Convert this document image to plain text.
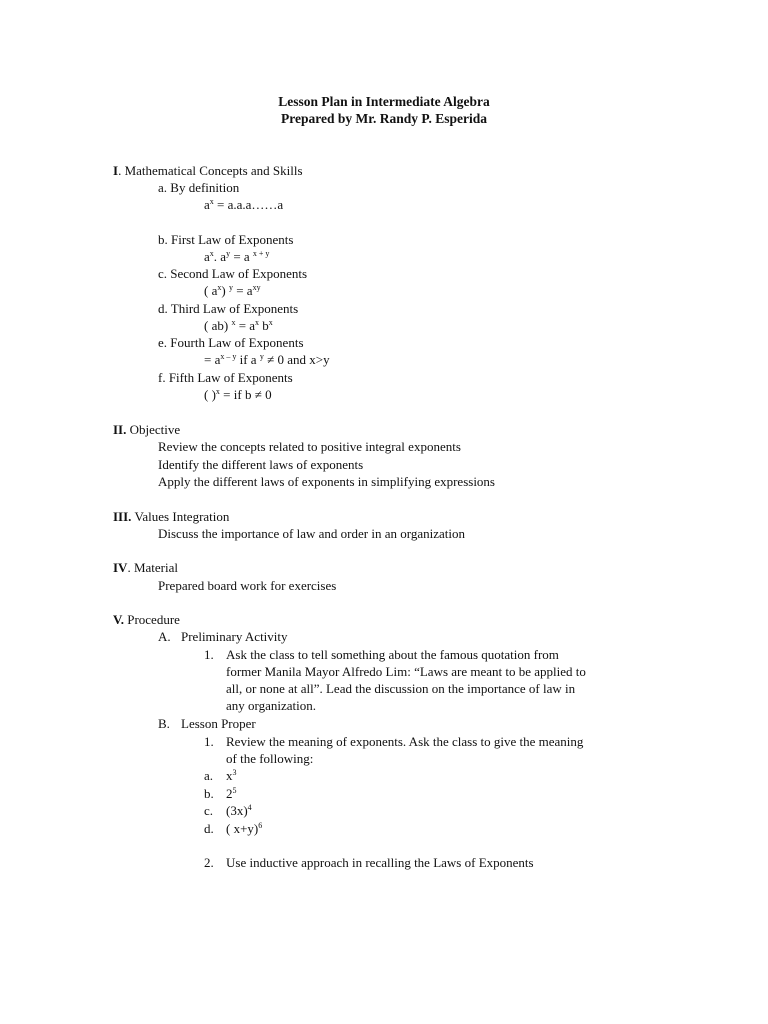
Lesson Plan in Intermediate Algebra
Prepared by Mr. Randy P. Esperida
I. Mathematical Concepts and Skills
a. By definition
$a^x$ = a.a.a……a
b. First Law of Exponents
$a^x$. $a^y = a$ $^{x + y}$
c. Second Law of Exponents
( $a^x$) $^y = a^{xy}$
d. Third Law of Exponents
( ab) $^x = a^x$ $b^x$
e. Fourth Law of Exponents
= $a^{x - y}$ if a $^y$ ≠ 0 and x>y
f. Fifth Law of Exponents
( )$^x$ = if b ≠ 0
II. Objective
Review the concepts related to positive integral exponents
Identify the different laws of exponents
Apply the different laws of exponents in simplifying expressions
III. Values Integration
Discuss the importance of law and order in an organization
IV. Material
Prepared board work for exercises
V. Procedure
A. Preliminary Activity
1. Ask the class to tell something about the famous quotation from
former Manila Mayor Alfredo Lim: “Laws are meant to be applied to
all, or none at all”. Lead the discussion on the importance of law in
any organization.
B. Lesson Proper
1. Review the meaning of exponents. Ask the class to give the meaning
of the following:
a. $x^3$
b. $2^5$
c. $(3x)^4$
d. ( x+y)$^6$
2. Use inductive approach in recalling the Laws of Exponents
